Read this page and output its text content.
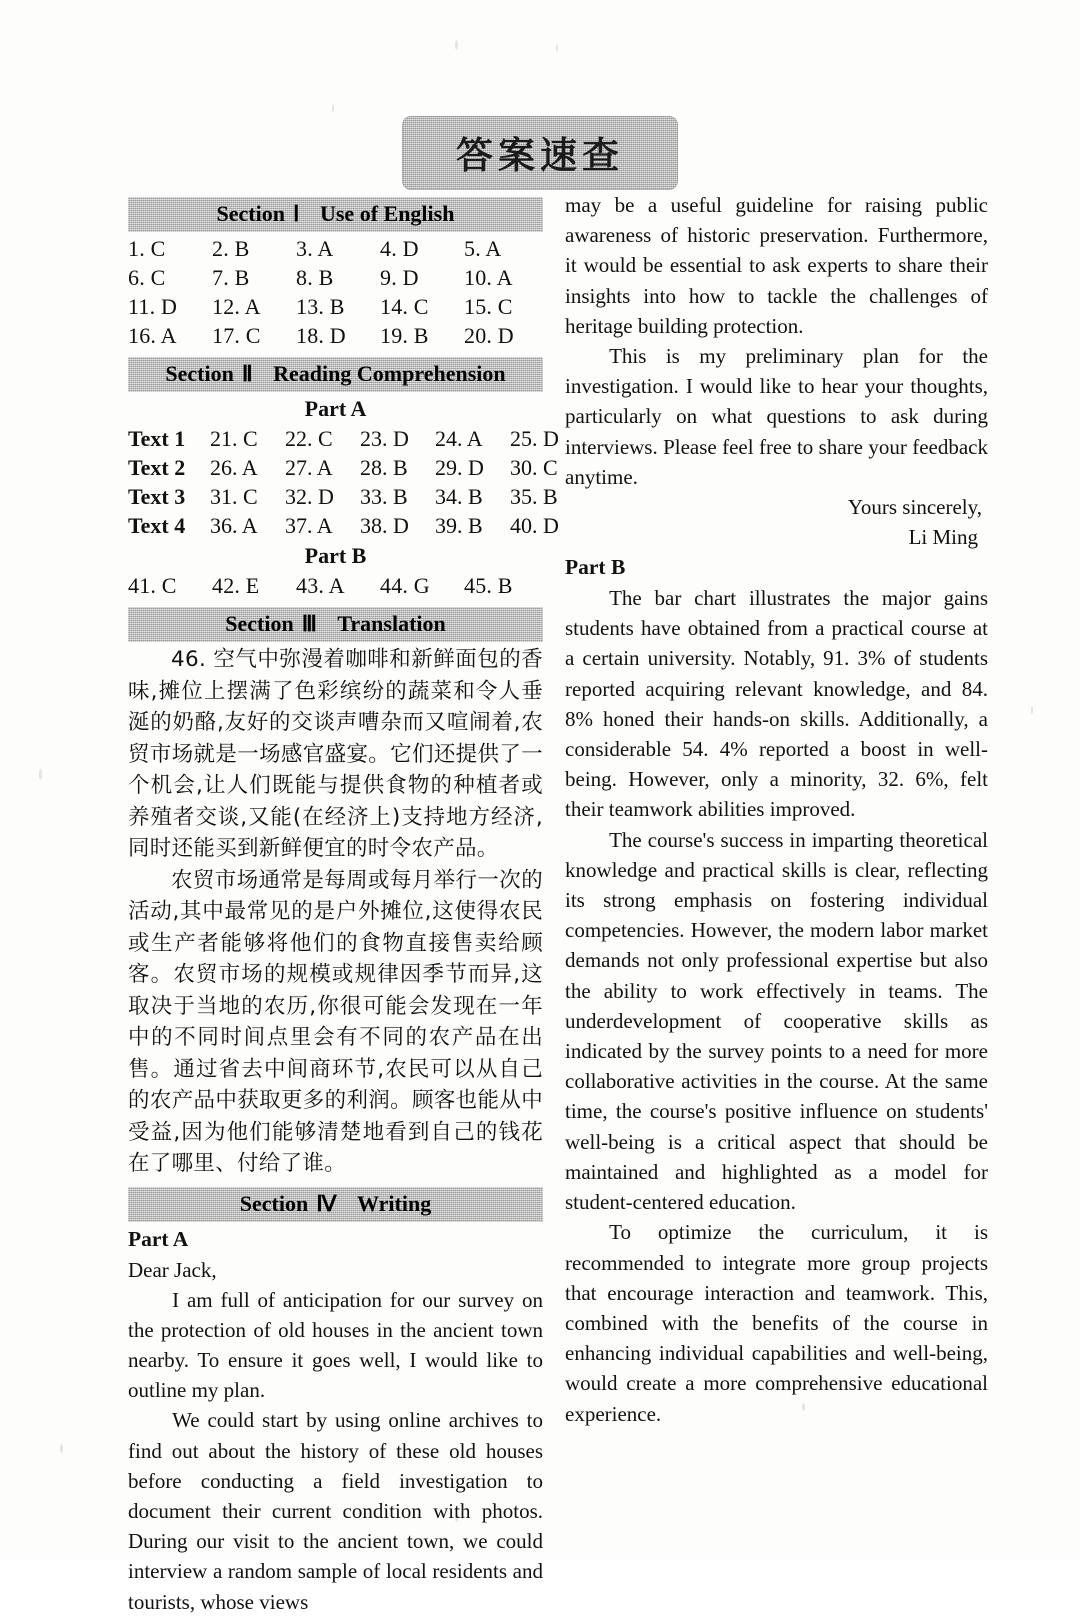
答案速查
Section Ⅰ Use of English
1. C	2. B	3. A	4. D	5. A
6. C	7. B	8. B	9. D	10. A
11. D	12. A	13. B	14. C	15. C
16. A	17. C	18. D	19. B	20. D
Section Ⅱ Reading Comprehension
Part A
Text 1	21. C	22. C	23. D	24. A	25. D
Text 2	26. A	27. A	28. B	29. D	30. C
Text 3	31. C	32. D	33. B	34. B	35. B
Text 4	36. A	37. A	38. D	39. B	40. D
Part B
41. C	42. E	43. A	44. G	45. B
Section Ⅲ Translation

46. 空气中弥漫着咖啡和新鲜面包的香味,摊位上摆满了色彩缤纷的蔬菜和令人垂涎的奶酪,友好的交谈声嘈杂而又喧闹着,农贸市场就是一场感官盛宴。它们还提供了一个机会,让人们既能与提供食物的种植者或养殖者交谈,又能(在经济上)支持地方经济,同时还能买到新鲜便宜的时令农产品。

农贸市场通常是每周或每月举行一次的活动,其中最常见的是户外摊位,这使得农民或生产者能够将他们的食物直接售卖给顾客。农贸市场的规模或规律因季节而异,这取决于当地的农历,你很可能会发现在一年中的不同时间点里会有不同的农产品在出售。通过省去中间商环节,农民可以从自己的农产品中获取更多的利润。顾客也能从中受益,因为他们能够清楚地看到自己的钱花在了哪里、付给了谁。

Section Ⅳ Writing
Part A
Dear Jack,

I am full of anticipation for our survey on the protection of old houses in the ancient town nearby. To ensure it goes well, I would like to outline my plan.

We could start by using online archives to find out about the history of these old houses before conducting a field investigation to document their current condition with photos. During our visit to the ancient town, we could interview a random sample of local residents and tourists, whose views

may be a useful guideline for raising public awareness of historic preservation. Furthermore, it would be essential to ask experts to share their insights into how to tackle the challenges of heritage building protection.

This is my preliminary plan for the investigation. I would like to hear your thoughts, particularly on what questions to ask during interviews. Please feel free to share your feedback anytime.

Yours sincerely,
Li Ming
Part B

The bar chart illustrates the major gains students have obtained from a practical course at a certain university. Notably, 91. 3% of students reported acquiring relevant knowledge, and 84. 8% honed their hands-on skills. Additionally, a considerable 54. 4% reported a boost in well-being. However, only a minority, 32. 6%, felt their teamwork abilities improved.

The course's success in imparting theoretical knowledge and practical skills is clear, reflecting its strong emphasis on fostering individual competencies. However, the modern labor market demands not only professional expertise but also the ability to work effectively in teams. The underdevelopment of cooperative skills as indicated by the survey points to a need for more collaborative activities in the course. At the same time, the course's positive influence on students' well-being is a critical aspect that should be maintained and highlighted as a model for student-centered education.

To optimize the curriculum, it is recommended to integrate more group projects that encourage interaction and teamwork. This, combined with the benefits of the course in enhancing individual capabilities and well-being, would create a more comprehensive educational experience.
